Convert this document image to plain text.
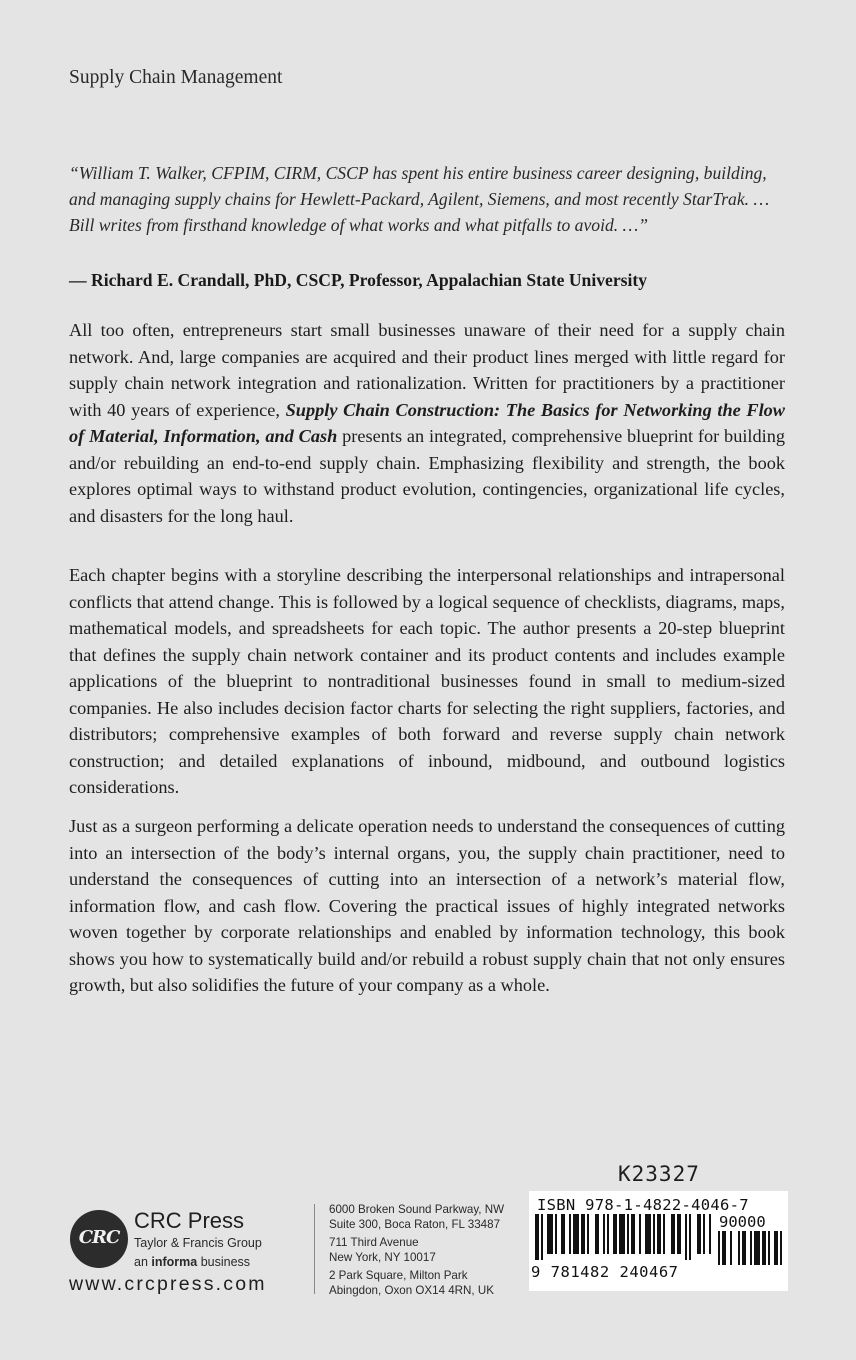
Supply Chain Management
“William T. Walker, CFPIM, CIRM, CSCP has spent his entire business career designing, building, and managing supply chains for Hewlett-Packard, Agilent, Siemens, and most recently StarTrak. … Bill writes from firsthand knowledge of what works and what pitfalls to avoid. …”
— Richard E. Crandall, PhD, CSCP, Professor, Appalachian State University
All too often, entrepreneurs start small businesses unaware of their need for a supply chain network. And, large companies are acquired and their product lines merged with little regard for supply chain network integration and rationalization. Written for practitioners by a practitioner with 40 years of experience, Supply Chain Construction: The Basics for Networking the Flow of Material, Information, and Cash presents an integrated, comprehensive blueprint for building and/or rebuilding an end-to-end supply chain. Emphasizing flexibility and strength, the book explores optimal ways to withstand product evolution, contingencies, organizational life cycles, and disasters for the long haul.
Each chapter begins with a storyline describing the interpersonal relationships and intrapersonal conflicts that attend change. This is followed by a logical sequence of checklists, diagrams, maps, mathematical models, and spreadsheets for each topic. The author presents a 20-step blueprint that defines the supply chain network container and its product contents and includes example applications of the blueprint to nontraditional businesses found in small to medium-sized companies. He also includes decision factor charts for selecting the right suppliers, factories, and distributors; comprehensive examples of both forward and reverse supply chain network construction; and detailed explanations of inbound, midbound, and outbound logistics considerations.
Just as a surgeon performing a delicate operation needs to understand the consequences of cutting into an intersection of the body’s internal organs, you, the supply chain practitioner, need to understand the consequences of cutting into an intersection of a network’s material flow, information flow, and cash flow. Covering the practical issues of highly integrated networks woven together by corporate relationships and enabled by information technology, this book shows you how to systematically build and/or rebuild a robust supply chain that not only ensures growth, but also solidifies the future of your company as a whole.
CRC
CRC Press
Taylor & Francis Group
an informa business
www.crcpress.com
6000 Broken Sound Parkway, NW
Suite 300, Boca Raton, FL 33487
711 Third Avenue
New York, NY 10017
2 Park Square, Milton Park
Abingdon, Oxon OX14 4RN, UK
K23327
ISBN 978-1-4822-4046-7
90000
9 781482 240467
